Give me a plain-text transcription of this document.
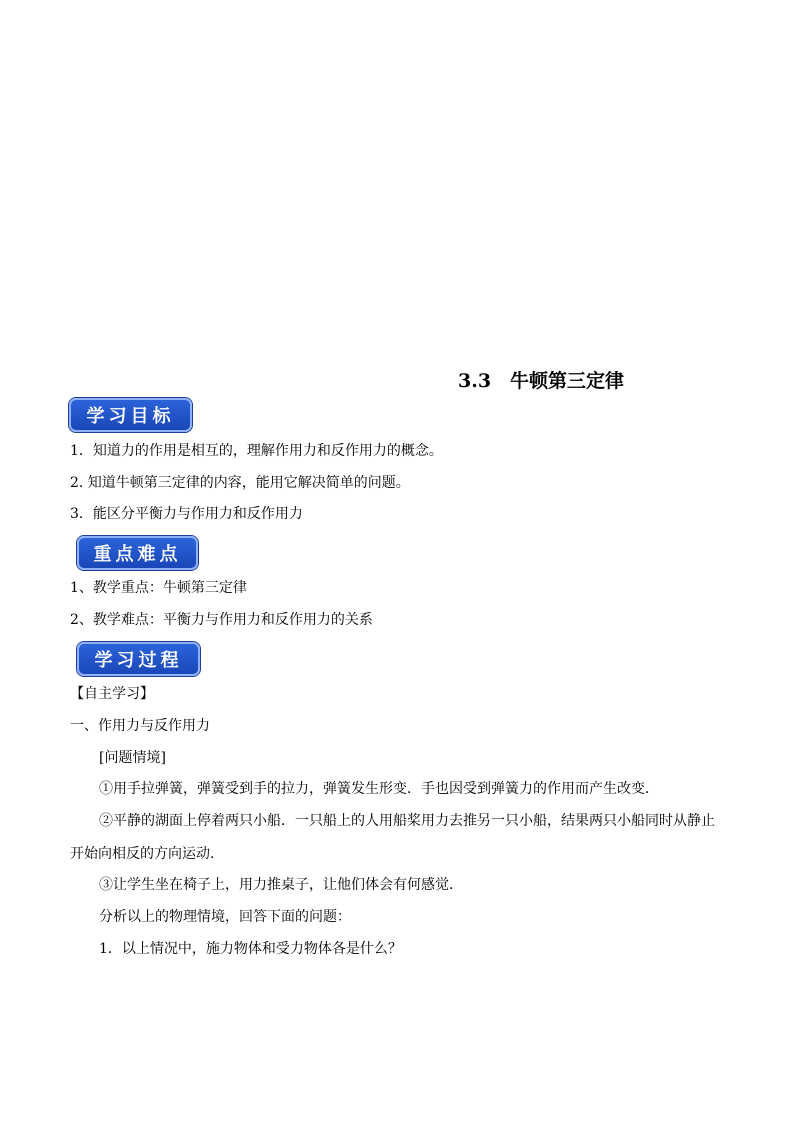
3.3　牛顿第三定律
学习目标
1．知道力的作用是相互的，理解作用力和反作用力的概念。
2. 知道牛顿第三定律的内容，能用它解决简单的问题。
3．能区分平衡力与作用力和反作用力
重点难点
1、教学重点：牛顿第三定律
2、教学难点：平衡力与作用力和反作用力的关系
学习过程
【自主学习】
一、作用力与反作用力
[问题情境]
①用手拉弹簧，弹簧受到手的拉力，弹簧发生形变．手也因受到弹簧力的作用而产生改变．
②平静的湖面上停着两只小船．一只船上的人用船桨用力去推另一只小船，结果两只小船同时从静止
开始向相反的方向运动．
③让学生坐在椅子上，用力推桌子，让他们体会有何感觉．
分析以上的物理情境，回答下面的问题：
1．以上情况中，施力物体和受力物体各是什么？
